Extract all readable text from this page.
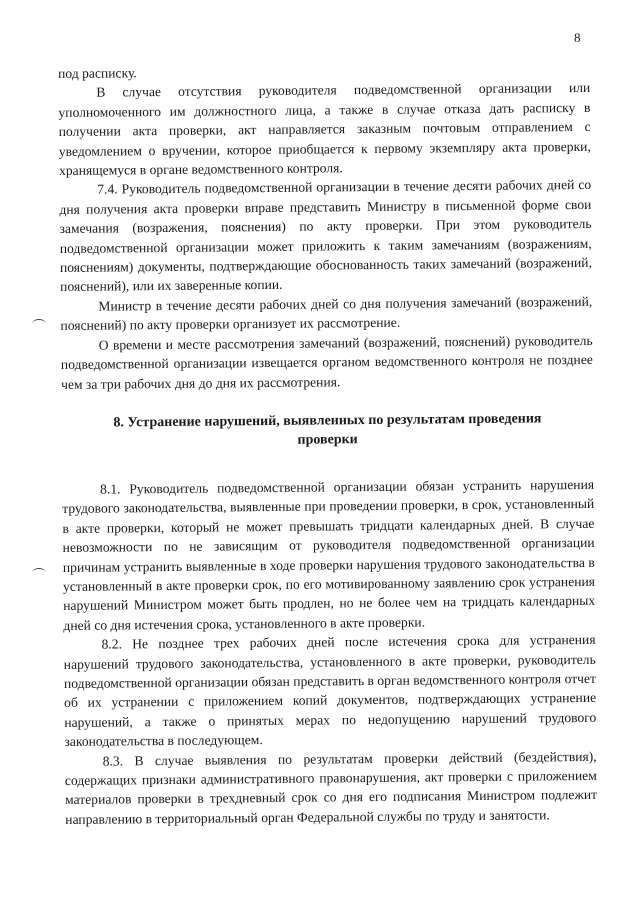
8

под расписку.

В случае отсутствия руководителя подведомственной организации или уполномоченного им должностного лица, а также в случае отказа дать расписку в получении акта проверки, акт направляется заказным почтовым отправлением с уведомлением о вручении, которое приобщается к первому экземпляру акта проверки, хранящемуся в органе ведомственного контроля.

7.4. Руководитель подведомственной организации в течение десяти рабочих дней со дня получения акта проверки вправе представить Министру в письменной форме свои замечания (возражения, пояснения) по акту проверки. При этом руководитель подведомственной организации может приложить к таким замечаниям (возражениям, пояснениям) документы, подтверждающие обоснованность таких замечаний (возражений, пояснений), или их заверенные копии.

Министр в течение десяти рабочих дней со дня получения замечаний (возражений, пояснений) по акту проверки организует их рассмотрение.

О времени и месте рассмотрения замечаний (возражений, пояснений) руководитель подведомственной организации извещается органом ведомственного контроля не позднее чем за три рабочих дня до дня их рассмотрения.

8. Устранение нарушений, выявленных по результатам проведения проверки

8.1. Руководитель подведомственной организации обязан устранить нарушения трудового законодательства, выявленные при проведении проверки, в срок, установленный в акте проверки, который не может превышать тридцати календарных дней. В случае невозможности по не зависящим от руководителя подведомственной организации причинам устранить выявленные в ходе проверки нарушения трудового законодательства в установленный в акте проверки срок, по его мотивированному заявлению срок устранения нарушений Министром может быть продлен, но не более чем на тридцать календарных дней со дня истечения срока, установленного в акте проверки.

8.2. Не позднее трех рабочих дней после истечения срока для устранения нарушений трудового законодательства, установленного в акте проверки, руководитель подведомственной организации обязан представить в орган ведомственного контроля отчет об их устранении с приложением копий документов, подтверждающих устранение нарушений, а также о принятых мерах по недопущению нарушений трудового законодательства в последующем.

8.3. В случае выявления по результатам проверки действий (бездействия), содержащих признаки административного правонарушения, акт проверки с приложением материалов проверки в трехдневный срок со дня его подписания Министром подлежит направлению в территориальный орган Федеральной службы по труду и занятости.
